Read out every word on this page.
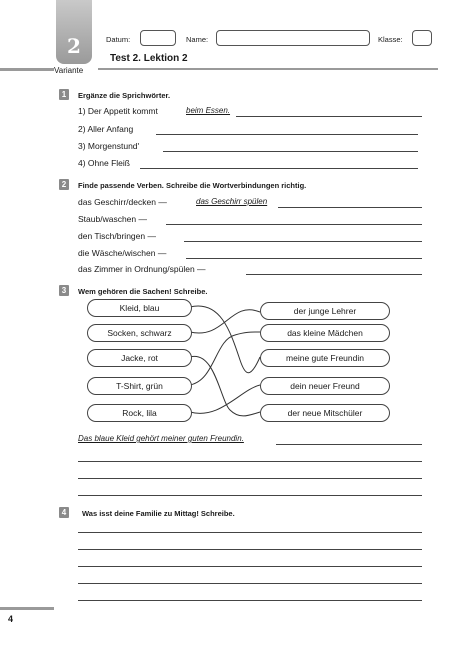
2
Variante
Datum:	Name:	Klasse:
Test 2. Lektion 2
1	Ergänze die Sprichwörter.
1) Der Appetit kommt	beim Essen.
2) Aller Anfang
3) Morgenstund'
4) Ohne Fleiß
2	Finde passende Verben. Schreibe die Wortverbindungen richtig.
das Geschirr/decken —	das Geschirr spülen
Staub/waschen —
den Tisch/bringen —
die Wäsche/wischen —
das Zimmer in Ordnung/spülen —
3	Wem gehören die Sachen! Schreibe.
Kleid, blau
Socken, schwarz
Jacke, rot
T-Shirt, grün
Rock, lila
der junge Lehrer
das kleine Mädchen
meine gute Freundin
dein neuer Freund
der neue Mitschüler
Das blaue Kleid gehört meiner guten Freundin.
4	Was isst deine Familie zu Mittag! Schreibe.
4
